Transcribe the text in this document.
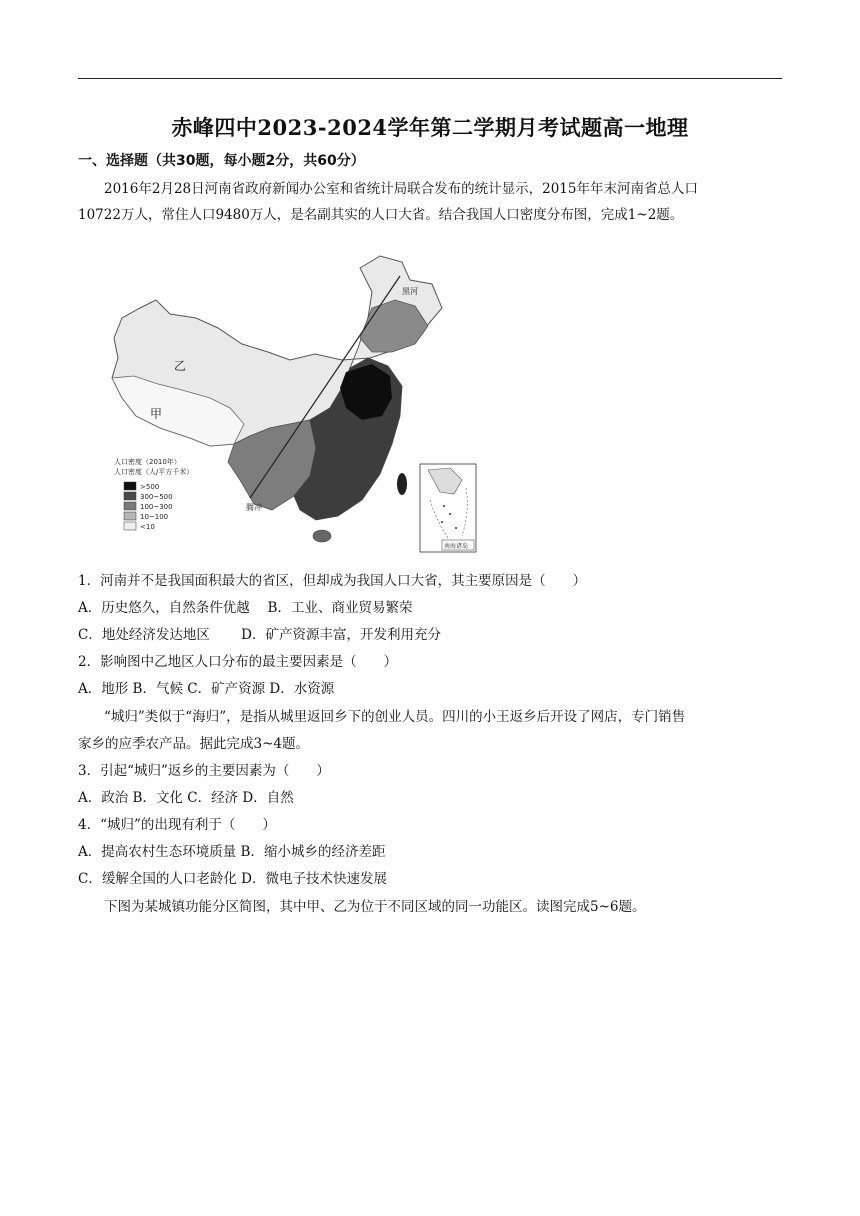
赤峰四中2023-2024学年第二学期月考试题高一地理
一、选择题（共30题，每小题2分，共60分）
2016年2月28日河南省政府新闻办公室和省统计局联合发布的统计显示，2015年年末河南省总人口
10722万人，常住人口9480万人，是名副其实的人口大省。结合我国人口密度分布图，完成1~2题。
乙
甲
黑河
腾冲
人口密度（2010年）
人口密度（人/平方千米）
>500
300~500
100~300
10~100
<10
南海诸岛
1．河南并不是我国面积最大的省区，但却成为我国人口大省，其主要原因是（　　）
A．历史悠久，自然条件优越　 B．工业、商业贸易繁荣
C．地处经济发达地区　　 D．矿产资源丰富，开发利用充分
2．影响图中乙地区人口分布的最主要因素是（　　）
A．地形 B．气候 C．矿产资源 D．水资源
“城归”类似于“海归”，是指从城里返回乡下的创业人员。四川的小王返乡后开设了网店，专门销售
家乡的应季农产品。据此完成3~4题。
3．引起“城归”返乡的主要因素为（　　）
A．政治 B．文化 C．经济 D．自然
4．“城归”的出现有利于（　　）
A．提高农村生态环境质量 B．缩小城乡的经济差距
C．缓解全国的人口老龄化 D．微电子技术快速发展
下图为某城镇功能分区简图，其中甲、乙为位于不同区域的同一功能区。读图完成5~6题。
